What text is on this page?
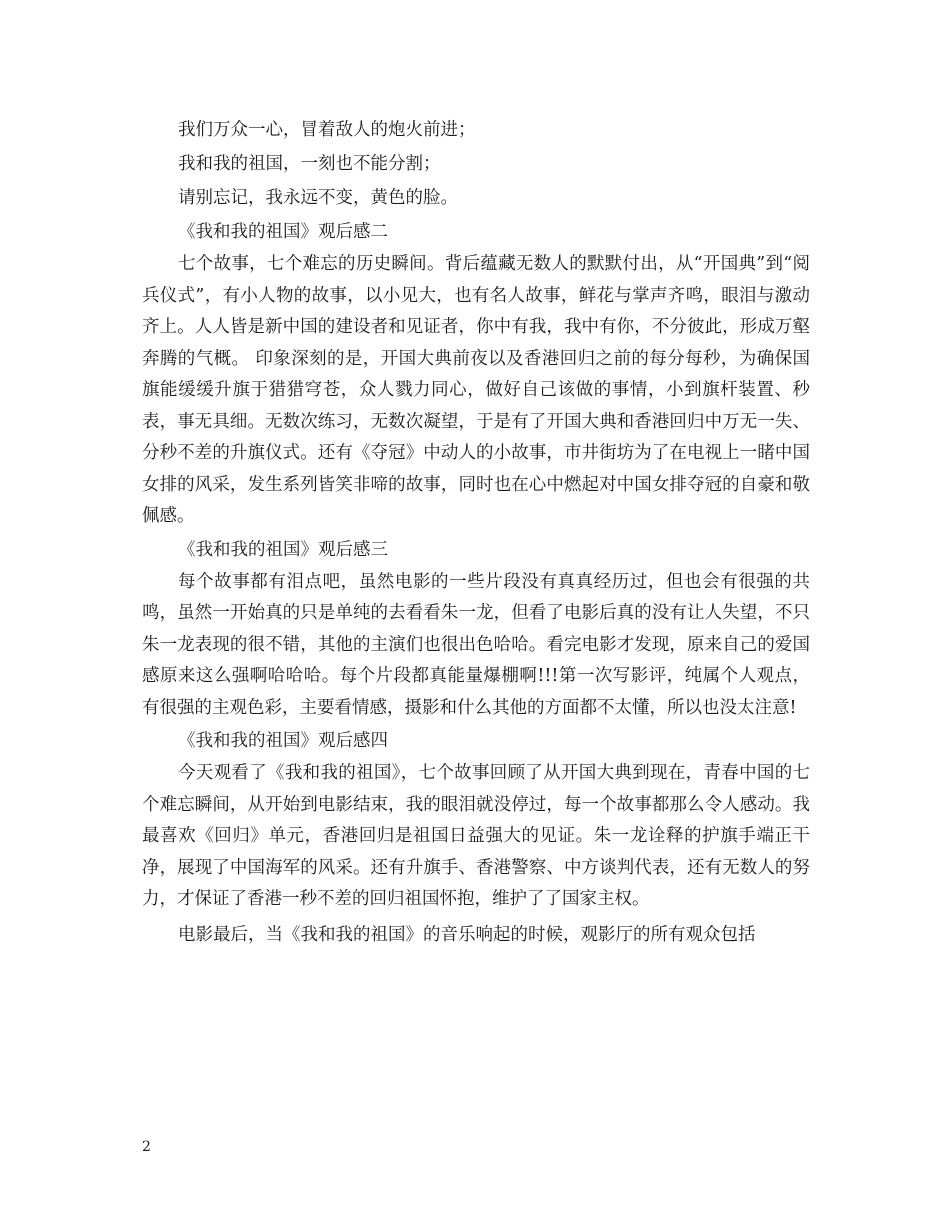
我们万众一心，冒着敌人的炮火前进；

我和我的祖国，一刻也不能分割；

请别忘记，我永远不变，黄色的脸。

《我和我的祖国》观后感二

七个故事，七个难忘的历史瞬间。背后蕴藏无数人的默默付出，从“开国典”到“阅兵仪式”，有小人物的故事，以小见大，也有名人故事，鲜花与掌声齐鸣，眼泪与激动齐上。人人皆是新中国的建设者和见证者，你中有我，我中有你，不分彼此，形成万壑奔腾的气概。 印象深刻的是，开国大典前夜以及香港回归之前的每分每秒，为确保国旗能缓缓升旗于猎猎穹苍，众人戮力同心，做好自己该做的事情，小到旗杆装置、秒表，事无具细。无数次练习，无数次凝望，于是有了开国大典和香港回归中万无一失、分秒不差的升旗仪式。还有《夺冠》中动人的小故事，市井街坊为了在电视上一睹中国女排的风采，发生系列皆笑非啼的故事，同时也在心中燃起对中国女排夺冠的自豪和敬佩感。

《我和我的祖国》观后感三

每个故事都有泪点吧，虽然电影的一些片段没有真真经历过，但也会有很强的共鸣，虽然一开始真的只是单纯的去看看朱一龙，但看了电影后真的没有让人失望，不只朱一龙表现的很不错，其他的主演们也很出色哈哈。看完电影才发现，原来自己的爱国感原来这么强啊哈哈哈。每个片段都真能量爆棚啊!!!第一次写影评，纯属个人观点，有很强的主观色彩，主要看情感，摄影和什么其他的方面都不太懂，所以也没太注意!

《我和我的祖国》观后感四

今天观看了《我和我的祖国》，七个故事回顾了从开国大典到现在，青春中国的七个难忘瞬间，从开始到电影结束，我的眼泪就没停过，每一个故事都那么令人感动。我最喜欢《回归》单元，香港回归是祖国日益强大的见证。朱一龙诠释的护旗手端正干净，展现了中国海军的风采。还有升旗手、香港警察、中方谈判代表，还有无数人的努力，才保证了香港一秒不差的回归祖国怀抱，维护了了国家主权。

电影最后，当《我和我的祖国》的音乐响起的时候，观影厅的所有观众包括

2
